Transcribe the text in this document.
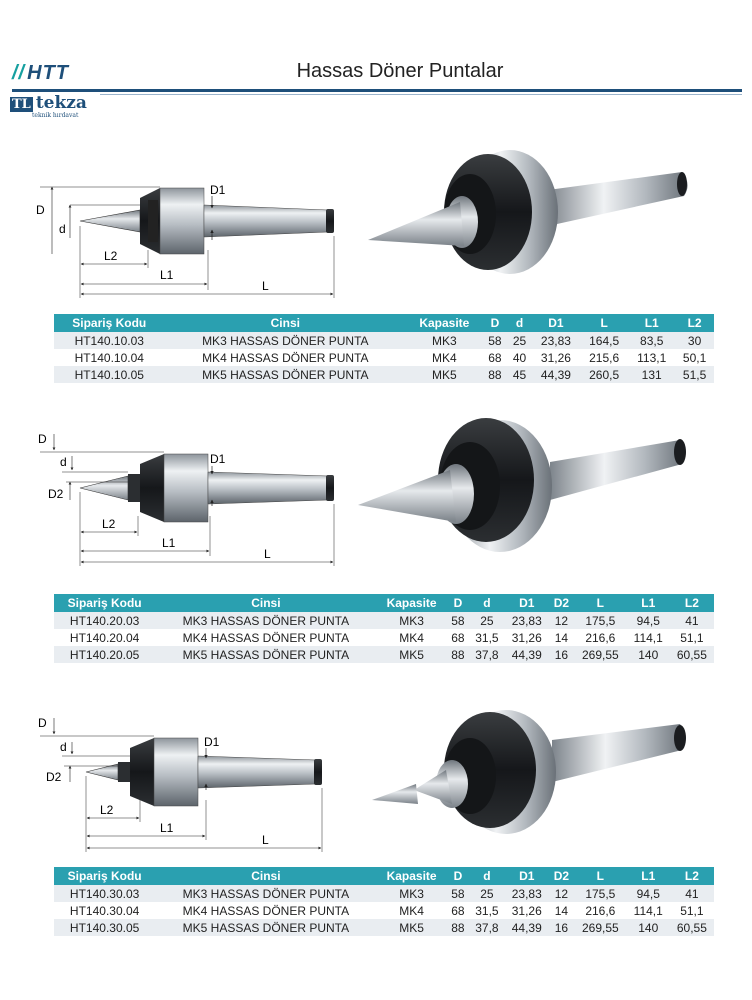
// HTT	Hassas Döner Puntalar
TL tekza
teknik hırdavat
D
d
D1
L2
L1
L
D
d
D2
D1
L2
L1
L
D
d
D2
D1
L2
L1
L
Sipariş Kodu	Cinsi	Kapasite	D	d	D1	L	L1	L2
HT140.10.03	MK3 HASSAS DÖNER PUNTA	MK3	58	25	23,83	164,5	83,5	30
HT140.10.04	MK4 HASSAS DÖNER PUNTA	MK4	68	40	31,26	215,6	113,1	50,1
HT140.10.05	MK5 HASSAS DÖNER PUNTA	MK5	88	45	44,39	260,5	131	51,5
Sipariş Kodu	Cinsi	Kapasite	D	d	D1	D2	L	L1	L2
HT140.20.03	MK3 HASSAS DÖNER PUNTA	MK3	58	25	23,83	12	175,5	94,5	41
HT140.20.04	MK4 HASSAS DÖNER PUNTA	MK4	68	31,5	31,26	14	216,6	114,1	51,1
HT140.20.05	MK5 HASSAS DÖNER PUNTA	MK5	88	37,8	44,39	16	269,55	140	60,55
Sipariş Kodu	Cinsi	Kapasite	D	d	D1	D2	L	L1	L2
HT140.30.03	MK3 HASSAS DÖNER PUNTA	MK3	58	25	23,83	12	175,5	94,5	41
HT140.30.04	MK4 HASSAS DÖNER PUNTA	MK4	68	31,5	31,26	14	216,6	114,1	51,1
HT140.30.05	MK5 HASSAS DÖNER PUNTA	MK5	88	37,8	44,39	16	269,55	140	60,55
